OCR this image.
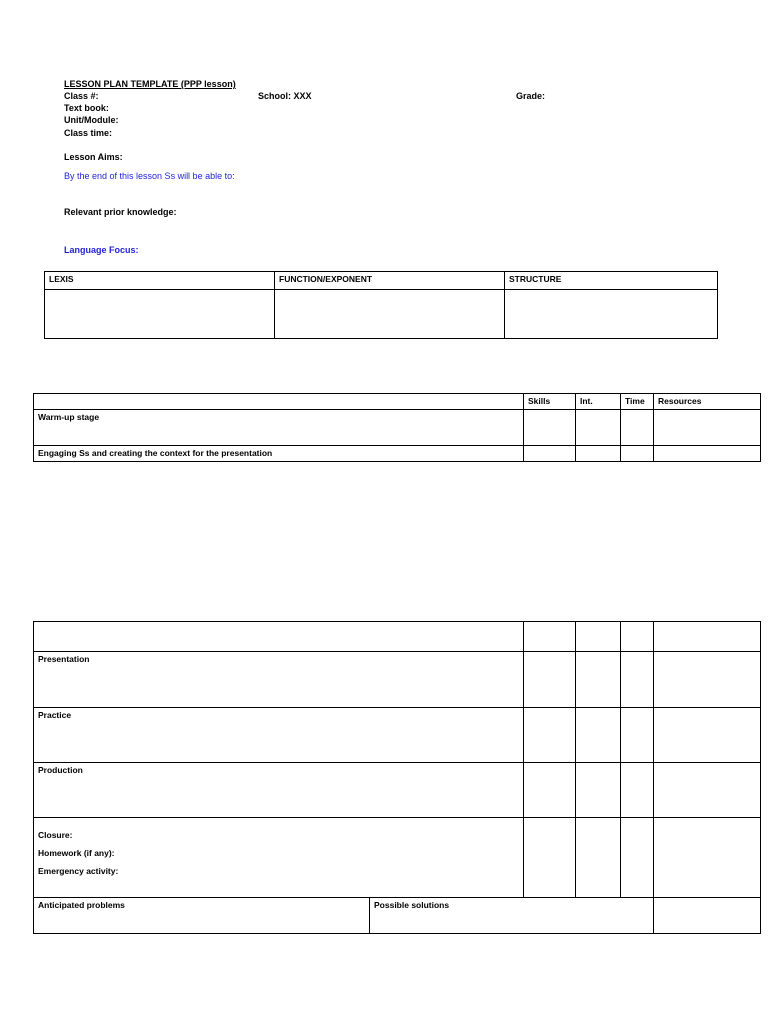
LESSON PLAN TEMPLATE (PPP lesson)
Class #:	School: XXX	Grade:
Text book:
Unit/Module:
Class time:
Lesson Aims:
By the end of this lesson Ss will be able to:
Relevant prior knowledge:
Language Focus:
LEXIS	FUNCTION/EXPONENT	STRUCTURE

	Skills	Int.	Time	Resources
Warm-up stage				
Engaging Ss and creating the context for the presentation				

Presentation					
Practice					
Production					

Closure:
Homework (if any):
Emergency activity:					

Anticipated problems	Possible solutions				
